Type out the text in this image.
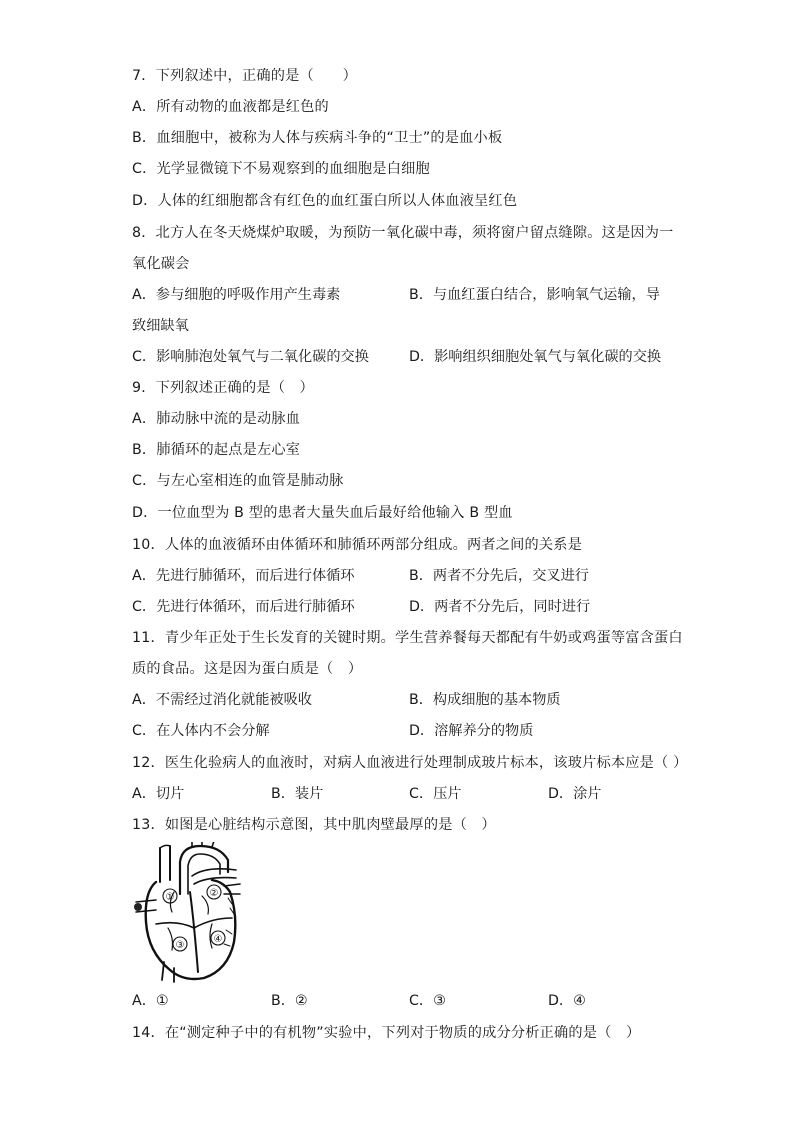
7．下列叙述中，正确的是（　　）
A．所有动物的血液都是红色的
B．血细胞中，被称为人体与疾病斗争的“卫士”的是血小板
C．光学显微镜下不易观察到的血细胞是白细胞
D．人体的红细胞都含有红色的血红蛋白所以人体血液呈红色
8．北方人在冬天烧煤炉取暖，为预防一氧化碳中毒，须将窗户留点缝隙。这是因为一
氧化碳会
A．参与细胞的呼吸作用产生毒素	B．与血红蛋白结合，影响氧气运输，导
致细缺氧
C．影响肺泡处氧气与二氧化碳的交换	D．影响组织细胞处氧气与氧化碳的交换
9．下列叙述正确的是（　）
A．肺动脉中流的是动脉血
B．肺循环的起点是左心室
C．与左心室相连的血管是肺动脉
D．一位血型为 B 型的患者大量失血后最好给他输入 B 型血
10．人体的血液循环由体循环和肺循环两部分组成。两者之间的关系是
A．先进行肺循环，而后进行体循环	B．两者不分先后，交叉进行
C．先进行体循环，而后进行肺循环	D．两者不分先后，同时进行
11．青少年正处于生长发育的关键时期。学生营养餐每天都配有牛奶或鸡蛋等富含蛋白
质的食品。这是因为蛋白质是（　）
A．不需经过消化就能被吸收	B．构成细胞的基本物质
C．在人体内不会分解	D．溶解养分的物质
12．医生化验病人的血液时，对病人血液进行处理制成玻片标本，该玻片标本应是（ ）
A．切片	B．装片	C．压片	D．涂片
13．如图是心脏结构示意图，其中肌肉壁最厚的是（　）
①	②
③
④
A．①	B．②	C．③	D．④
14．在“测定种子中的有机物”实验中，下列对于物质的成分分析正确的是（　）
